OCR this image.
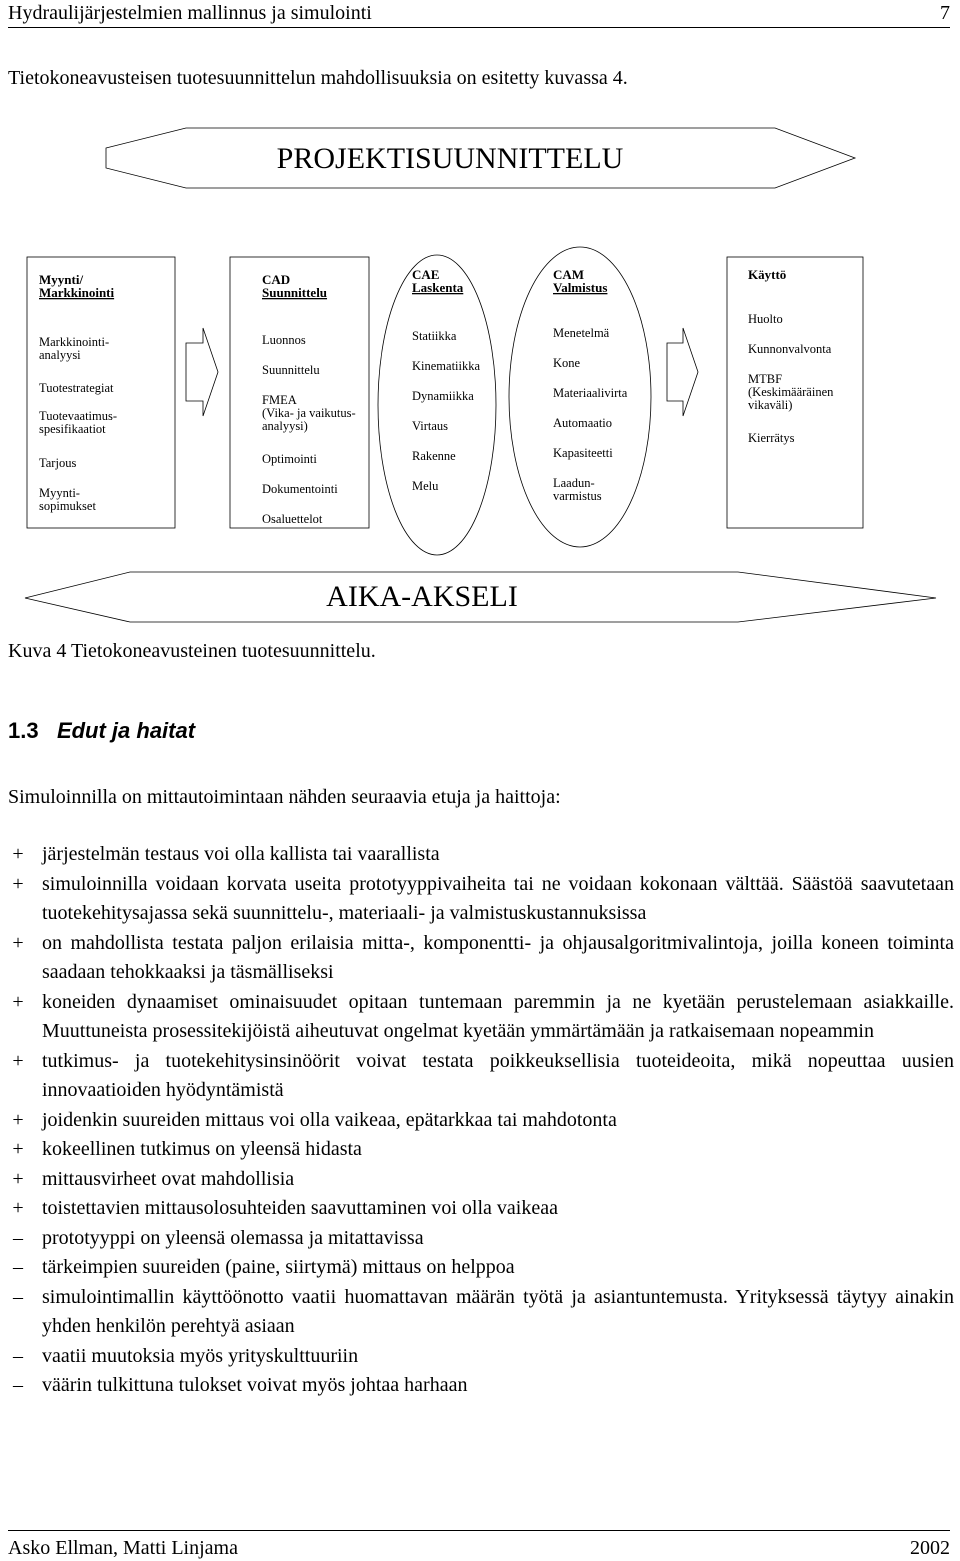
Hydraulijärjestelmien mallinnus ja simulointi	7
Tietokoneavusteisen tuotesuunnittelun mahdollisuuksia on esitetty kuvassa 4.
PROJEKTISUUNNITTELU
Myynti/ Markkinointi
Markkinointi-analyysi
Tuotestrategiat
Tuotevaatimus-spesifikaatiot
Tarjous
Myynti-sopimukset
CAD Suunnittelu
Luonnos
Suunnittelu
FMEA (Vika- ja vaikutus-analyysi)
Optimointi
Dokumentointi
Osaluettelot
CAE Laskenta
Statiikka
Kinematiikka
Dynamiikka
Virtaus
Rakenne
Melu
CAM Valmistus
Menetelmä
Kone
Materiaalivirta
Automaatio
Kapasiteetti
Laadun-varmistus
Käyttö
Huolto
Kunnonvalvonta
MTBF (Keskimääräinen vikaväli)
Kierrätys
AIKA-AKSELI
Kuva 4 Tietokoneavusteinen tuotesuunnittelu.
1.3 Edut ja haitat
Simuloinnilla on mittautoimintaan nähden seuraavia etuja ja haittoja:
+ järjestelmän testaus voi olla kallista tai vaarallista
+ simuloinnilla voidaan korvata useita prototyyppivaiheita tai ne voidaan kokonaan välttää. Säästöä saavutetaan tuotekehitysajassa sekä suunnittelu-, materiaali- ja valmistuskustannuksissa
+ on mahdollista testata paljon erilaisia mitta-, komponentti- ja ohjausalgoritmivalintoja, joilla koneen toiminta saadaan tehokkaaksi ja täsmälliseksi
+ koneiden dynaamiset ominaisuudet opitaan tuntemaan paremmin ja ne kyetään perustelemaan asiakkaille. Muuttuneista prosessitekijöistä aiheutuvat ongelmat kyetään ymmärtämään ja ratkaisemaan nopeammin
+ tutkimus- ja tuotekehitysinsinöörit voivat testata poikkeuksellisia tuoteideoita, mikä nopeuttaa uusien innovaatioiden hyödyntämistä
+ joidenkin suureiden mittaus voi olla vaikeaa, epätarkkaa tai mahdotonta
+ kokeellinen tutkimus on yleensä hidasta
+ mittausvirheet ovat mahdollisia
+ toistettavien mittausolosuhteiden saavuttaminen voi olla vaikeaa
– prototyyppi on yleensä olemassa ja mitattavissa
– tärkeimpien suureiden (paine, siirtymä) mittaus on helppoa
– simulointimallin käyttöönotto vaatii huomattavan määrän työtä ja asiantuntemusta. Yrityksessä täytyy ainakin yhden henkilön perehtyä asiaan
– vaatii muutoksia myös yrityskulttuuriin
– väärin tulkittuna tulokset voivat myös johtaa harhaan
Asko Ellman, Matti Linjama	2002
